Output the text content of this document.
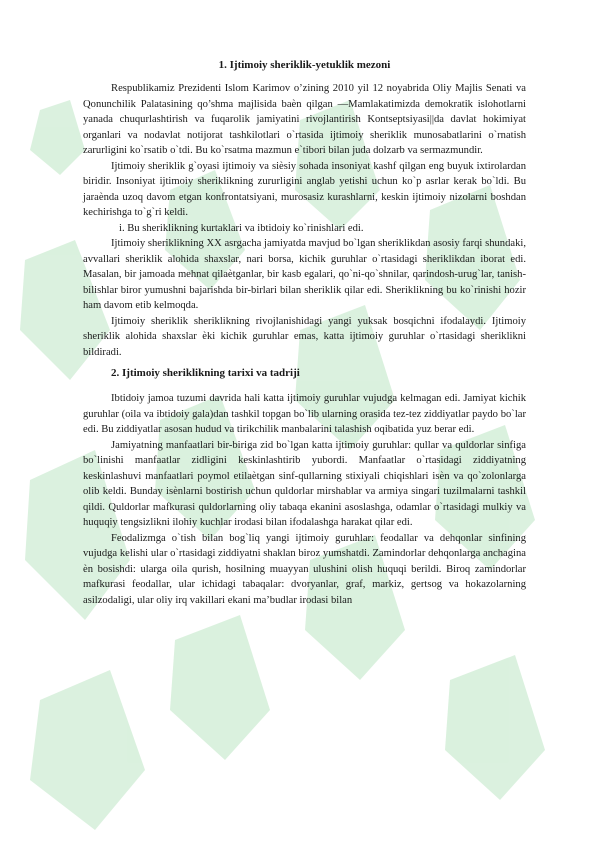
1. Ijtimoiy sheriklik-yetuklik mezoni

Respublikamiz Prezidenti Islom Karimov o’zining 2010 yil 12 noyabrida Oliy Majlis Senati va Qonunchilik Palatasining qo’shma majlisida baѐn qilgan —Mamlakatimizda demokratik islohotlarni yanada chuqurlashtirish va fuqarolik jamiyatini rivojlantirish Kontseptsiyasi||da davlat hokimiyat organlari va nodavlat notijorat tashkilotlari o`rtasida ijtimoiy sheriklik munosabatlarini o`rnatish zarurligini ko`rsatib o`tdi. Bu ko`rsatma mazmun e`tibori bilan juda dolzarb va sermazmundir.

Ijtimoiy sheriklik g`oyasi ijtimoiy va siѐsiy sohada insoniyat kashf qilgan eng buyuk ixtirolardan biridir. Insoniyat ijtimoiy sheriklikning zururligini anglab yetishi uchun ko`p asrlar kerak bo`ldi. Bu jaraѐnda uzoq davom etgan konfrontatsiyani, murosasiz kurashlarni, keskin ijtimoiy nizolarni boshdan kechirishga to`g`ri keldi.

i. Bu sheriklikning kurtaklari va ibtidoiy ko`rinishlari edi.

Ijtimoiy sheriklikning XX asrgacha jamiyatda mavjud bo`lgan sheriklikdan asosiy farqi shundaki, avvallari sheriklik alohida shaxslar, nari borsa, kichik guruhlar o`rtasidagi sheriklikdan iborat edi. Masalan, bir jamoada mehnat qilaѐtganlar, bir kasb egalari, qo`ni-qo`shnilar, qarindosh-urug`lar, tanish-bilishlar biror yumushni bajarishda bir-birlari bilan sheriklik qilar edi. Sheriklikning bu ko`rinishi hozir ham davom etib kelmoqda.

Ijtimoiy sheriklik sheriklikning rivojlanishidagi yangi yuksak bosqichni ifodalaydi. Ijtimoiy sheriklik alohida shaxslar ѐki kichik guruhlar emas, katta ijtimoiy guruhlar o`rtasidagi sheriklikni bildiradi.

2. Ijtimoiy sheriklikning tarixi va tadriji

Ibtidoiy jamoa tuzumi davrida hali katta ijtimoiy guruhlar vujudga kelmagan edi. Jamiyat kichik guruhlar (oila va ibtidoiy gala)dan tashkil topgan bo`lib ularning orasida tez-tez ziddiyatlar paydo bo`lar edi. Bu ziddiyatlar asosan hudud va tirikchilik manbalarini talashish oqibatida yuz berar edi.

Jamiyatning manfaatlari bir-biriga zid bo`lgan katta ijtimoiy guruhlar: qullar va quldorlar sinfiga bo`linishi manfaatlar zidligini keskinlashtirib yubordi. Manfaatlar o`rtasidagi ziddiyatning keskinlashuvi manfaatlari poymol etilaѐtgan sinf-qullarning stixiyali chiqishlari isѐn va qo`zolonlarga olib keldi. Bunday isѐnlarni bostirish uchun quldorlar mirshablar va armiya singari tuzilmalarni tashkil qildi. Quldorlar mafkurasi quldorlarning oliy tabaqa ekanini asoslashga, odamlar o`rtasidagi mulkiy va huquqiy tengsizlikni ilohiy kuchlar irodasi bilan ifodalashga harakat qilar edi.

Feodalizmga o`tish bilan bog`liq yangi ijtimoiy guruhlar: feodallar va dehqonlar sinfining vujudga kelishi ular o`rtasidagi ziddiyatni shaklan biroz yumshatdi. Zamindorlar dehqonlarga anchagina ѐn bosishdi: ularga oila qurish, hosilning muayyan ulushini olish huquqi berildi. Biroq zamindorlar mafkurasi feodallar, ular ichidagi tabaqalar: dvoryanlar, graf, markiz, gertsog va hokazolarning asilzodaligi, ular oliy irq vakillari ekani ma’budlar irodasi bilan
